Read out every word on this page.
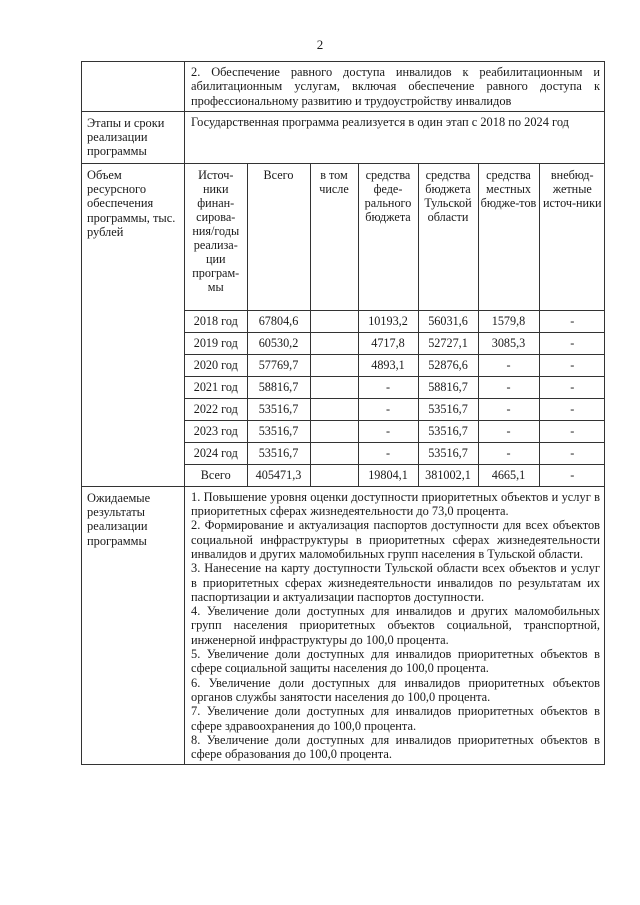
2
	2. Обеспечение равного доступа инвалидов к реабилитационным и абилитационным услугам, включая обеспечение равного доступа к профессиональному развитию и трудоустройству инвалидов
Этапы и сроки реализации программы	Государственная программа реализуется в один этап с 2018 по 2024 год
Объем ресурсного обеспечения программы, тыс. рублей	
Источ-ники финан-сирова-ния/годы реализа-ции програм-мы	Всего	в том числе	средства феде-рального бюджета	средства бюджета Тульской области	средства местных бюдже-тов	внебюд-жетные источ-ники
2018 год	67804,6		10193,2	56031,6	1579,8	-
2019 год	60530,2		4717,8	52727,1	3085,3	-
2020 год	57769,7		4893,1	52876,6	-	-
2021 год	58816,7		-	58816,7	-	-
2022 год	53516,7		-	53516,7	-	-
2023 год	53516,7		-	53516,7	-	-
2024 год	53516,7		-	53516,7	-	-
Всего	405471,3		19804,1	381002,1	4665,1	-

Ожидаемые результаты реализации программы	

1. Повышение уровня оценки доступности приоритетных объектов и услуг в приоритетных сферах жизнедеятельности до 73,0 процента.

2. Формирование и актуализация паспортов доступности для всех объектов социальной инфраструктуры в приоритетных сферах жизнедеятельности инвалидов и других маломобильных групп населения в Тульской области.

3. Нанесение на карту доступности Тульской области всех объектов и услуг в приоритетных сферах жизнедеятельности инвалидов по результатам их паспортизации и актуализации паспортов доступности.

4. Увеличение доли доступных для инвалидов и других маломобильных групп населения приоритетных объектов социальной, транспортной, инженерной инфраструктуры до 100,0 процента.

5. Увеличение доли доступных для инвалидов приоритетных объектов в сфере социальной защиты населения до 100,0 процента.

6. Увеличение доли доступных для инвалидов приоритетных объектов органов службы занятости населения до 100,0 процента.

7. Увеличение доли доступных для инвалидов приоритетных объектов в сфере здравоохранения до 100,0 процента.

8. Увеличение доли доступных для инвалидов приоритетных объектов в сфере образования до 100,0 процента.
